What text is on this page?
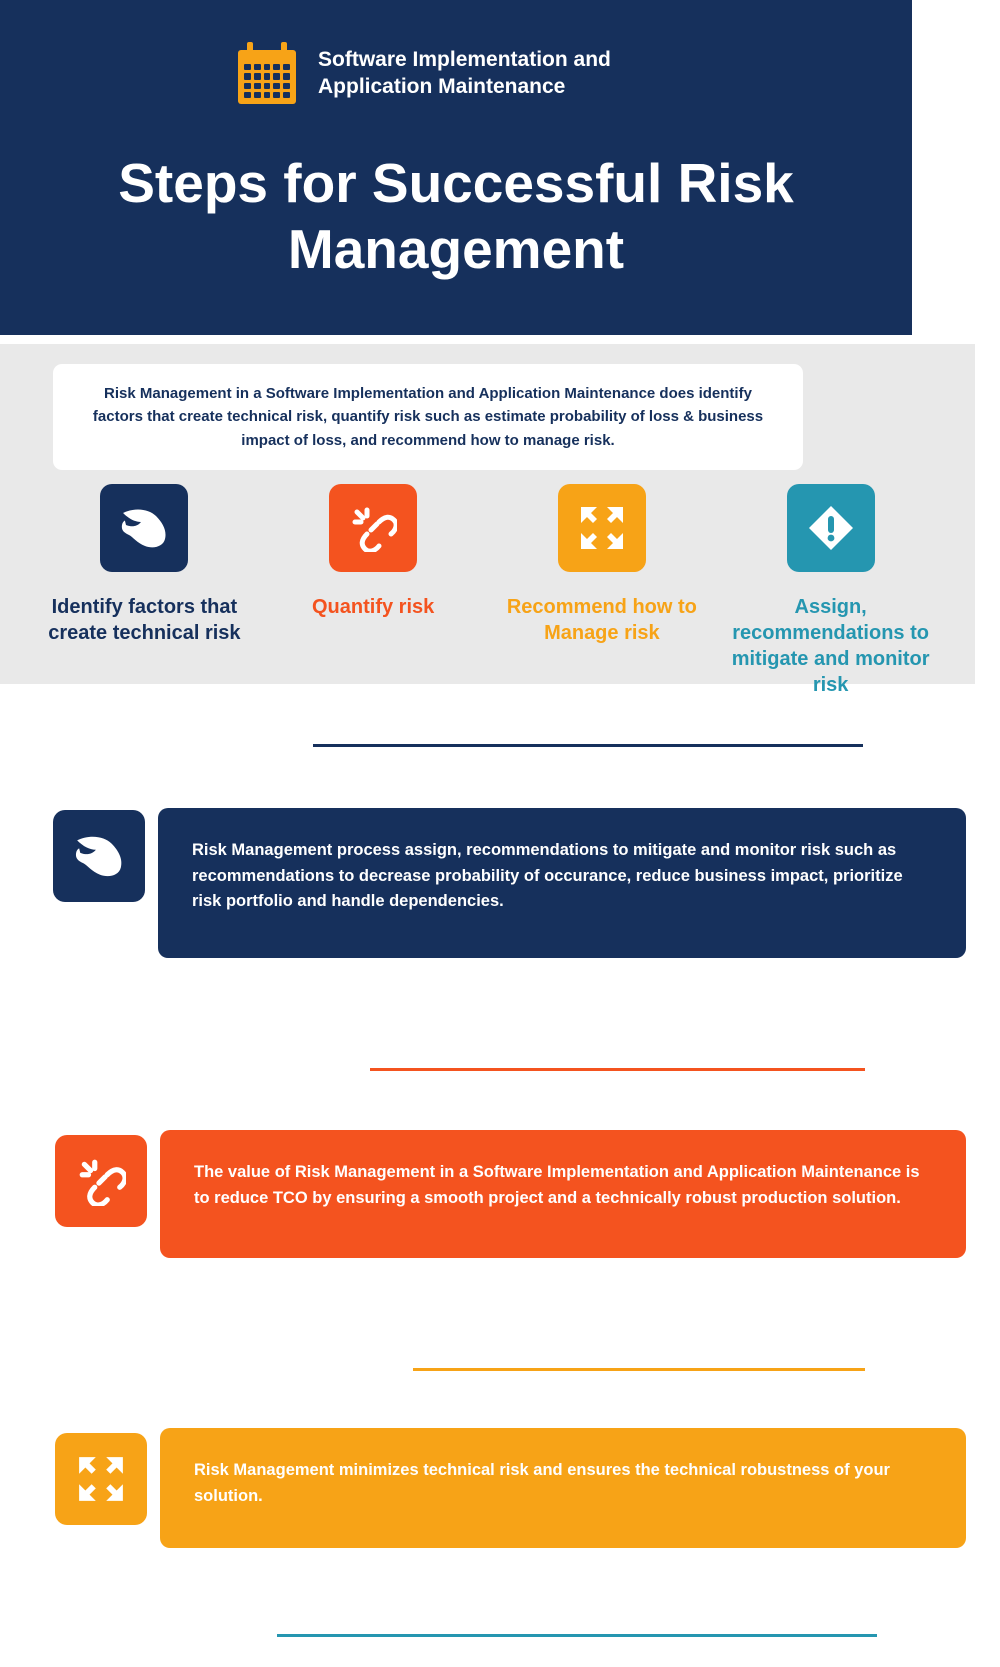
Software Implementation and Application Maintenance
Steps for Successful Risk Management
Risk Management in a Software Implementation and Application Maintenance does identify factors that create technical risk, quantify risk such as estimate probability of loss & business impact of loss, and recommend how to manage risk.
Identify factors that create technical risk
Quantify risk	Recommend how to Manage risk
Assign, recommendations to mitigate and monitor risk
Risk Management process assign, recommendations to mitigate and monitor risk such as recommendations to decrease probability of occurance, reduce business impact, prioritize risk portfolio and handle dependencies.
The value of Risk Management in a Software Implementation and Application Maintenance is to reduce TCO by ensuring a smooth project and a technically robust production solution.
Risk Management minimizes technical risk and ensures the technical robustness of your solution.
